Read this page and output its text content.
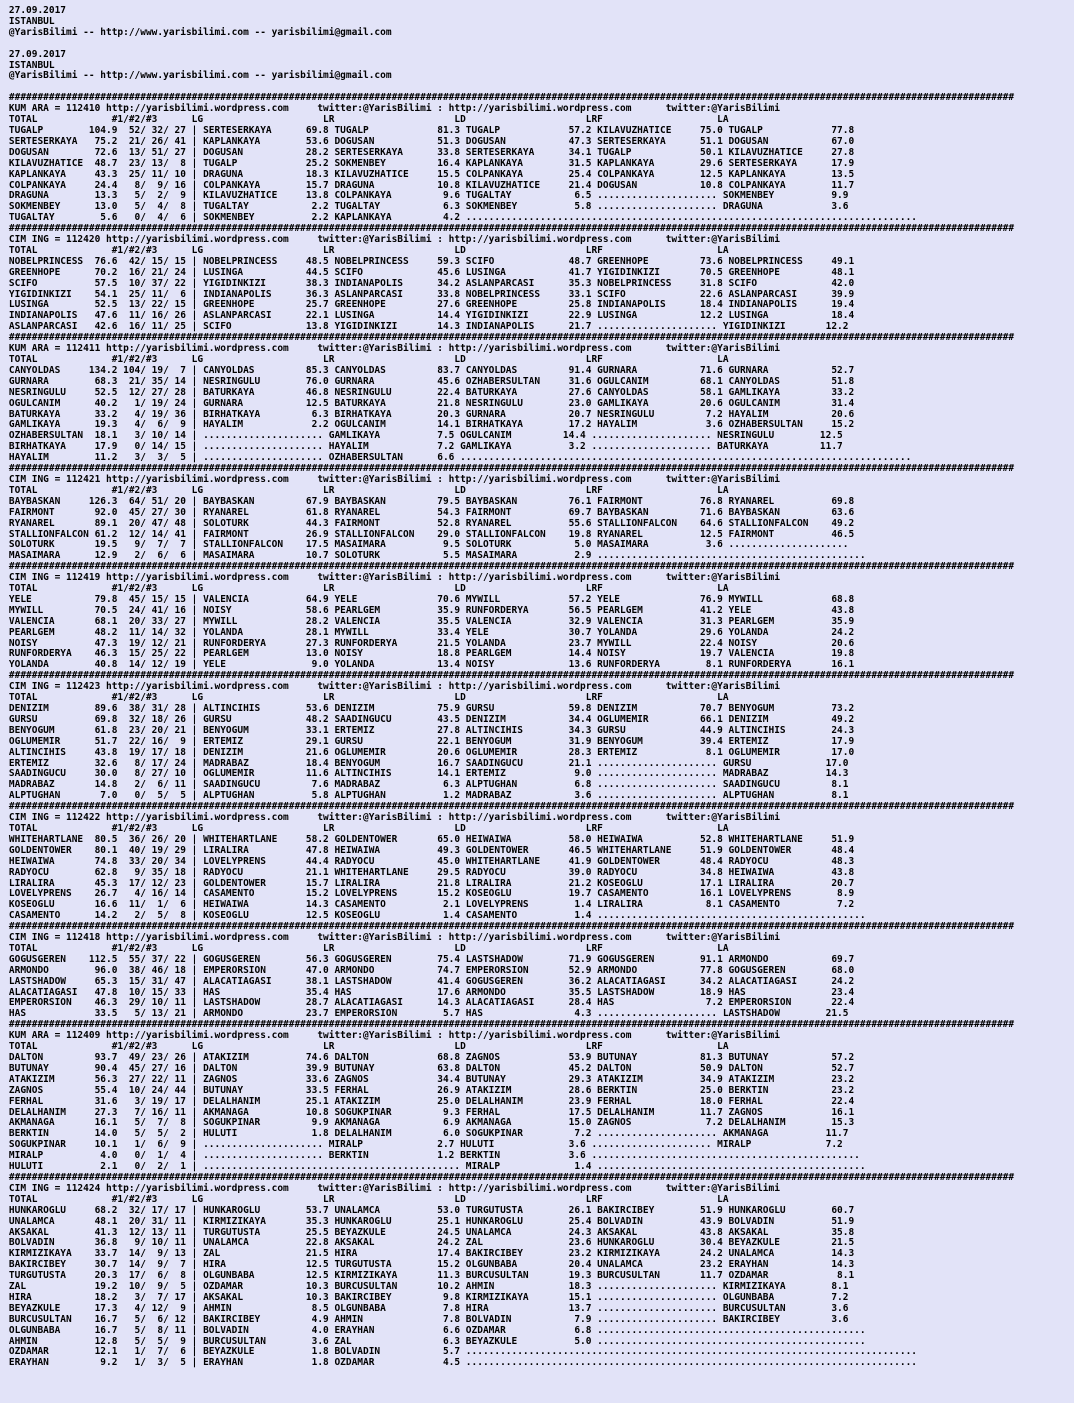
27.09.2017
ISTANBUL
@YarisBilimi -- http://www.yarisbilimi.com -- yarisbilimi@gmail.com

27.09.2017
ISTANBUL
@YarisBilimi -- http://www.yarisbilimi.com -- yarisbilimi@gmail.com

################################################################################################################################################################################
KUM ARA = 112410 http://yarisbilimi.wordpress.com     twitter:@YarisBilimi : http://yarisbilimi.wordpress.com      twitter:@YarisBilimi
TOTAL             #1/#2/#3      LG                     LR                     LD                     LRF                    LA
TUGALP        104.9  52/ 32/ 27 | SERTESERKAYA      69.8 TUGALP            81.3 TUGALP            57.2 KILAVUZHATICE     75.0 TUGALP            77.8
SERTESERKAYA   75.2  21/ 26/ 41 | KAPLANKAYA        53.6 DOGUSAN           51.3 DOGUSAN           47.3 SERTESERKAYA      51.1 DOGUSAN           67.0
DOGUSAN        72.6  13/ 51/ 27 | DOGUSAN           28.2 SERTESERKAYA      33.8 SERTESERKAYA      34.1 TUGALP            50.1 KILAVUZHATICE     27.8
KILAVUZHATICE  48.7  23/ 13/  8 | TUGALP            25.2 SOKMENBEY         16.4 KAPLANKAYA        31.5 KAPLANKAYA        29.6 SERTESERKAYA      17.9
KAPLANKAYA     43.3  25/ 11/ 10 | DRAGUNA           18.3 KILAVUZHATICE     15.5 COLPANKAYA        25.4 COLPANKAYA        12.5 KAPLANKAYA        13.5
COLPANKAYA     24.4   8/  9/ 16 | COLPANKAYA        15.7 DRAGUNA           10.8 KILAVUZHATICE     21.4 DOGUSAN           10.8 COLPANKAYA        11.7
DRAGUNA        13.3   5/  2/  9 | KILAVUZHATICE     13.8 COLPANKAYA         9.6 TUGALTAY           6.5 ..................... SOKMENBEY          9.9
SOKMENBEY      13.0   5/  4/  8 | TUGALTAY           2.2 TUGALTAY           6.3 SOKMENBEY          5.8 ..................... DRAGUNA            3.6
TUGALTAY        5.6   0/  4/  6 | SOKMENBEY          2.2 KAPLANKAYA         4.2 ...............................................................................
################################################################################################################################################################################
CIM ING = 112420 http://yarisbilimi.wordpress.com     twitter:@YarisBilimi : http://yarisbilimi.wordpress.com      twitter:@YarisBilimi
TOTAL             #1/#2/#3      LG                     LR                     LD                     LRF                    LA
NOBELPRINCESS  76.6  42/ 15/ 15 | NOBELPRINCESS     48.5 NOBELPRINCESS     59.3 SCIFO             48.7 GREENHOPE         73.6 NOBELPRINCESS     49.1
GREENHOPE      70.2  16/ 21/ 24 | LUSINGA           44.5 SCIFO             45.6 LUSINGA           41.7 YIGIDINKIZI       70.5 GREENHOPE         48.1
SCIFO          57.5  10/ 37/ 22 | YIGIDINKIZI       38.3 INDIANAPOLIS      34.2 ASLANPARCASI      35.3 NOBELPRINCESS     31.8 SCIFO             42.0
YIGIDINKIZI    54.1  25/ 11/  6 | INDIANAPOLIS      36.3 ASLANPARCASI      33.8 NOBELPRINCESS     33.1 SCIFO             22.6 ASLANPARCASI      39.9
LUSINGA        52.5  13/ 22/ 15 | GREENHOPE         25.7 GREENHOPE         27.6 GREENHOPE         25.8 INDIANAPOLIS      18.4 INDIANAPOLIS      19.4
INDIANAPOLIS   47.6  11/ 16/ 26 | ASLANPARCASI      22.1 LUSINGA           14.4 YIGIDINKIZI       22.9 LUSINGA           12.2 LUSINGA           18.4
ASLANPARCASI   42.6  16/ 11/ 25 | SCIFO             13.8 YIGIDINKIZI       14.3 INDIANAPOLIS      21.7 ..................... YIGIDINKIZI       12.2
################################################################################################################################################################################
KUM ARA = 112411 http://yarisbilimi.wordpress.com     twitter:@YarisBilimi : http://yarisbilimi.wordpress.com      twitter:@YarisBilimi
TOTAL             #1/#2/#3      LG                     LR                     LD                     LRF                    LA
CANYOLDAS     134.2 104/ 19/  7 | CANYOLDAS         85.3 CANYOLDAS         83.7 CANYOLDAS         91.4 GURNARA           71.6 GURNARA           52.7
GURNARA        68.3  21/ 35/ 14 | NESRINGULU        76.0 GURNARA           45.6 OZHABERSULTAN     31.6 OGULCANIM         68.1 CANYOLDAS         51.8
NESRINGULU     52.5  12/ 27/ 28 | BATURKAYA         46.8 NESRINGULU        22.4 BATURKAYA         27.6 CANYOLDAS         58.1 GAMLIKAYA         33.2
OGULCANIM      40.2   1/ 19/ 24 | GURNARA           12.5 BATURKAYA         21.8 NESRINGULU        23.0 GAMLIKAYA         20.6 OGULCANIM         31.4
BATURKAYA      33.2   4/ 19/ 36 | BIRHATKAYA         6.3 BIRHATKAYA        20.3 GURNARA           20.7 NESRINGULU         7.2 HAYALIM           20.6
GAMLIKAYA      19.3   4/  6/  9 | HAYALIM            2.2 OGULCANIM         14.1 BIRHATKAYA        17.2 HAYALIM            3.6 OZHABERSULTAN     15.2
OZHABERSULTAN  18.1   3/ 10/ 14 | ..................... GAMLIKAYA          7.5 OGULCANIM         14.4 ..................... NESRINGULU        12.5
BIRHATKAYA     17.9   0/ 14/ 15 | ..................... HAYALIM            7.2 GAMLIKAYA          3.2 ..................... BATURKAYA         11.7
HAYALIM        11.2   3/  3/  5 | ..................... OZHABERSULTAN      6.6 ...............................................................................
################################################################################################################################################################################
CIM ING = 112421 http://yarisbilimi.wordpress.com     twitter:@YarisBilimi : http://yarisbilimi.wordpress.com      twitter:@YarisBilimi
TOTAL             #1/#2/#3      LG                     LR                     LD                     LRF                    LA
BAYBASKAN     126.3  64/ 51/ 20 | BAYBASKAN         67.9 BAYBASKAN         79.5 BAYBASKAN         76.1 FAIRMONT          76.8 RYANAREL          69.8
FAIRMONT       92.0  45/ 27/ 30 | RYANAREL          61.8 RYANAREL          54.3 FAIRMONT          69.7 BAYBASKAN         71.6 BAYBASKAN         63.6
RYANAREL       89.1  20/ 47/ 48 | SOLOTURK          44.3 FAIRMONT          52.8 RYANAREL          55.6 STALLIONFALCON    64.6 STALLIONFALCON    49.2
STALLIONFALCON 61.2  12/ 14/ 41 | FAIRMONT          26.9 STALLIONFALCON    29.0 STALLIONFALCON    19.8 RYANAREL          12.5 FAIRMONT          46.5
SOLOTURK       19.5   9/  7/  7 | STALLIONFALCON    17.5 MASAIMARA          9.5 SOLOTURK           5.0 MASAIMARA          3.6 .....................
MASAIMARA      12.9   2/  6/  6 | MASAIMARA         10.7 SOLOTURK           5.5 MASAIMARA          2.9 ...............................................
################################################################################################################################################################################
CIM ING = 112419 http://yarisbilimi.wordpress.com     twitter:@YarisBilimi : http://yarisbilimi.wordpress.com      twitter:@YarisBilimi
TOTAL             #1/#2/#3      LG                     LR                     LD                     LRF                    LA
YELE           79.8  45/ 15/ 15 | VALENCIA          64.9 YELE              70.6 MYWILL            57.2 YELE              76.9 MYWILL            68.8
MYWILL         70.5  24/ 41/ 16 | NOISY             58.6 PEARLGEM          35.9 RUNFORDERYA       56.5 PEARLGEM          41.2 YELE              43.8
VALENCIA       68.1  20/ 33/ 27 | MYWILL            28.2 VALENCIA          35.5 VALENCIA          32.9 VALENCIA          31.3 PEARLGEM          35.9
PEARLGEM       48.2  11/ 14/ 32 | YOLANDA           28.1 MYWILL            33.4 YELE              30.7 YOLANDA           29.6 YOLANDA           24.2
NOISY          47.3  19/ 12/ 21 | RUNFORDERYA       27.3 RUNFORDERYA       21.5 YOLANDA           23.7 MYWILL            22.4 NOISY             20.6
RUNFORDERYA    46.3  15/ 25/ 22 | PEARLGEM          13.0 NOISY             18.8 PEARLGEM          14.4 NOISY             19.7 VALENCIA          19.8
YOLANDA        40.8  14/ 12/ 19 | YELE               9.0 YOLANDA           13.4 NOISY             13.6 RUNFORDERYA        8.1 RUNFORDERYA       16.1
################################################################################################################################################################################
CIM ING = 112423 http://yarisbilimi.wordpress.com     twitter:@YarisBilimi : http://yarisbilimi.wordpress.com      twitter:@YarisBilimi
TOTAL             #1/#2/#3      LG                     LR                     LD                     LRF                    LA
DENIZIM        89.6  38/ 31/ 28 | ALTINCIHIS        53.6 DENIZIM           75.9 GURSU             59.8 DENIZIM           70.7 BENYOGUM          73.2
GURSU          69.8  32/ 18/ 26 | GURSU             48.2 SAADINGUCU        43.5 DENIZIM           34.4 OGLUMEMIR         66.1 DENIZIM           49.2
BENYOGUM       61.8  23/ 20/ 21 | BENYOGUM          33.1 ERTEMIZ           27.8 ALTINCIHIS        34.3 GURSU             44.9 ALTINCIHIS        24.3
OGLUMEMIR      51.7  22/ 16/  9 | ERTEMIZ           29.1 GURSU             22.1 BENYOGUM          31.9 BENYOGUM          39.4 ERTEMIZ           17.9
ALTINCIHIS     43.8  19/ 17/ 18 | DENIZIM           21.6 OGLUMEMIR         20.6 OGLUMEMIR         28.3 ERTEMIZ            8.1 OGLUMEMIR         17.0
ERTEMIZ        32.6   8/ 17/ 24 | MADRABAZ          18.4 BENYOGUM          16.7 SAADINGUCU        21.1 ..................... GURSU             17.0
SAADINGUCU     30.0   8/ 27/ 10 | OGLUMEMIR         11.6 ALTINCIHIS        14.1 ERTEMIZ            9.0 ..................... MADRABAZ          14.3
MADRABAZ       14.8   2/  6/ 11 | SAADINGUCU         7.6 MADRABAZ           6.3 ALPTUGHAN          6.8 ..................... SAADINGUCU         8.1
ALPTUGHAN       7.0   0/  5/  5 | ALPTUGHAN          5.8 ALPTUGHAN          1.2 MADRABAZ           3.6 ..................... ALPTUGHAN          8.1
################################################################################################################################################################################
CIM ING = 112422 http://yarisbilimi.wordpress.com     twitter:@YarisBilimi : http://yarisbilimi.wordpress.com      twitter:@YarisBilimi
TOTAL             #1/#2/#3      LG                     LR                     LD                     LRF                    LA
WHITEHARTLANE  80.5  36/ 26/ 20 | WHITEHARTLANE     58.2 GOLDENTOWER       65.0 HEIWAIWA          58.0 HEIWAIWA          52.8 WHITEHARTLANE     51.9
GOLDENTOWER    80.1  40/ 19/ 29 | LIRALIRA          47.8 HEIWAIWA          49.3 GOLDENTOWER       46.5 WHITEHARTLANE     51.9 GOLDENTOWER       48.4
HEIWAIWA       74.8  33/ 20/ 34 | LOVELYPRENS       44.4 RADYOCU           45.0 WHITEHARTLANE     41.9 GOLDENTOWER       48.4 RADYOCU           48.3
RADYOCU        62.8   9/ 35/ 18 | RADYOCU           21.1 WHITEHARTLANE     29.5 RADYOCU           39.0 RADYOCU           34.8 HEIWAIWA          43.8
LIRALIRA       45.3  17/ 12/ 23 | GOLDENTOWER       15.7 LIRALIRA          21.8 LIRALIRA          21.2 KOSEOGLU          17.1 LIRALIRA          20.7
LOVELYPRENS    26.7   4/ 16/ 14 | CASAMENTO         15.2 LOVELYPRENS       15.2 KOSEOGLU          19.7 CASAMENTO         16.1 LOVELYPRENS        8.9
KOSEOGLU       16.6  11/  1/  6 | HEIWAIWA          14.3 CASAMENTO          2.1 LOVELYPRENS        1.4 LIRALIRA           8.1 CASAMENTO          7.2
CASAMENTO      14.2   2/  5/  8 | KOSEOGLU          12.5 KOSEOGLU           1.4 CASAMENTO          1.4 ...............................................
################################################################################################################################################################################
CIM ING = 112418 http://yarisbilimi.wordpress.com     twitter:@YarisBilimi : http://yarisbilimi.wordpress.com      twitter:@YarisBilimi
TOTAL             #1/#2/#3      LG                     LR                     LD                     LRF                    LA
GOGUSGEREN    112.5  55/ 37/ 22 | GOGUSGEREN        56.3 GOGUSGEREN        75.4 LASTSHADOW        71.9 GOGUSGEREN        91.1 ARMONDO           69.7
ARMONDO        96.0  38/ 46/ 18 | EMPERORSION       47.0 ARMONDO           74.7 EMPERORSION       52.9 ARMONDO           77.8 GOGUSGEREN        68.0
LASTSHADOW     65.3  15/ 31/ 47 | ALACATIAGASI      38.1 LASTSHADOW        41.4 GOGUSGEREN        36.2 ALACATIAGASI      34.2 ALACATIAGASI      24.2
ALACATIAGASI   47.8  10/ 15/ 33 | HAS               35.4 HAS               17.6 ARMONDO           35.5 LASTSHADOW        18.9 HAS               23.4
EMPERORSION    46.3  29/ 10/ 11 | LASTSHADOW        28.7 ALACATIAGASI      14.3 ALACATIAGASI      28.4 HAS                7.2 EMPERORSION       22.4
HAS            33.5   5/ 13/ 21 | ARMONDO           23.7 EMPERORSION        5.7 HAS                4.3 ..................... LASTSHADOW        21.5
################################################################################################################################################################################
KUM ARA = 112409 http://yarisbilimi.wordpress.com     twitter:@YarisBilimi : http://yarisbilimi.wordpress.com      twitter:@YarisBilimi
TOTAL             #1/#2/#3      LG                     LR                     LD                     LRF                    LA
DALTON         93.7  49/ 23/ 26 | ATAKIZIM          74.6 DALTON            68.8 ZAGNOS            53.9 BUTUNAY           81.3 BUTUNAY           57.2
BUTUNAY        90.4  45/ 27/ 16 | DALTON            39.9 BUTUNAY           63.8 DALTON            45.2 DALTON            50.9 DALTON            52.7
ATAKIZIM       56.3  27/ 22/ 11 | ZAGNOS            33.6 ZAGNOS            34.4 BUTUNAY           29.3 ATAKIZIM          34.9 ATAKIZIM          23.2
ZAGNOS         55.4  10/ 24/ 44 | BUTUNAY           33.5 FERHAL            26.9 ATAKIZIM          28.6 BERKTIN           25.0 BERKTIN           23.2
FERHAL         31.6   3/ 19/ 17 | DELALHANIM        25.1 ATAKIZIM          25.0 DELALHANIM        23.9 FERHAL            18.0 FERHAL            22.4
DELALHANIM     27.3   7/ 16/ 11 | AKMANAGA          10.8 SOGUKPINAR         9.3 FERHAL            17.5 DELALHANIM        11.7 ZAGNOS            16.1
AKMANAGA       16.1   5/  7/  8 | SOGUKPINAR         9.9 AKMANAGA           6.9 AKMANAGA          15.0 ZAGNOS             7.2 DELALHANIM        15.3
BERKTIN        14.0   5/  5/  2 | HULUTI             1.8 DELALHANIM         6.0 SOGUKPINAR         7.2 ..................... AKMANAGA          11.7
SOGUKPINAR     10.1   1/  6/  9 | ..................... MIRALP             2.7 HULUTI             3.6 ..................... MIRALP             7.2
MIRALP          4.0   0/  1/  4 | ..................... BERKTIN            1.2 BERKTIN            3.6 ...............................................
HULUTI          2.1   0/  2/  1 | ............................................. MIRALP             1.4 ...............................................
################################################################################################################################################################################
CIM ING = 112424 http://yarisbilimi.wordpress.com     twitter:@YarisBilimi : http://yarisbilimi.wordpress.com      twitter:@YarisBilimi
TOTAL             #1/#2/#3      LG                     LR                     LD                     LRF                    LA
HUNKAROGLU     68.2  32/ 17/ 17 | HUNKAROGLU        53.7 UNALAMCA          53.0 TURGUTUSTA        26.1 BAKIRCIBEY        51.9 HUNKAROGLU        60.7
UNALAMCA       48.1  20/ 31/ 11 | KIRMIZIKAYA       35.3 HUNKAROGLU        25.1 HUNKAROGLU        25.4 BOLVADIN          43.9 BOLVADIN          51.9
AKSAKAL        41.3  12/ 13/ 11 | TURGUTUSTA        25.5 BEYAZKULE         24.5 UNALAMCA          24.3 AKSAKAL           43.8 AKSAKAL           35.8
BOLVADIN       36.8   9/ 10/ 11 | UNALAMCA          22.8 AKSAKAL           24.2 ZAL               23.6 HUNKAROGLU        30.4 BEYAZKULE         21.5
KIRMIZIKAYA    33.7  14/  9/ 13 | ZAL               21.5 HIRA              17.4 BAKIRCIBEY        23.2 KIRMIZIKAYA       24.2 UNALAMCA          14.3
BAKIRCIBEY     30.7  14/  9/  7 | HIRA              12.5 TURGUTUSTA        15.2 OLGUNBABA         20.4 UNALAMCA          23.2 ERAYHAN           14.3
TURGUTUSTA     20.3  17/  6/  8 | OLGUNBABA         12.5 KIRMIZIKAYA       11.3 BURCUSULTAN       19.3 BURCUSULTAN       11.7 OZDAMAR            8.1
ZAL            19.2  10/  9/  5 | OZDAMAR           10.3 BURCUSULTAN       10.2 AHMIN             18.3 ..................... KIRMIZIKAYA        8.1
HIRA           18.2   3/  7/ 17 | AKSAKAL           10.3 BAKIRCIBEY         9.8 KIRMIZIKAYA       15.1 ..................... OLGUNBABA          7.2
BEYAZKULE      17.3   4/ 12/  9 | AHMIN              8.5 OLGUNBABA          7.8 HIRA              13.7 ..................... BURCUSULTAN        3.6
BURCUSULTAN    16.7   5/  6/ 12 | BAKIRCIBEY         4.9 AHMIN              7.8 BOLVADIN           7.9 ..................... BAKIRCIBEY         3.6
OLGUNBABA      16.7   5/  8/ 11 | BOLVADIN           4.0 ERAYHAN            6.6 OZDAMAR            6.8 ...............................................
AHMIN          12.8   5/  5/  9 | BURCUSULTAN        3.6 ZAL                6.3 BEYAZKULE          5.0 ...............................................
OZDAMAR        12.1   1/  7/  6 | BEYAZKULE          1.8 BOLVADIN           5.7 ...............................................................................
ERAYHAN         9.2   1/  3/  5 | ERAYHAN            1.8 OZDAMAR            4.5 ...............................................................................
